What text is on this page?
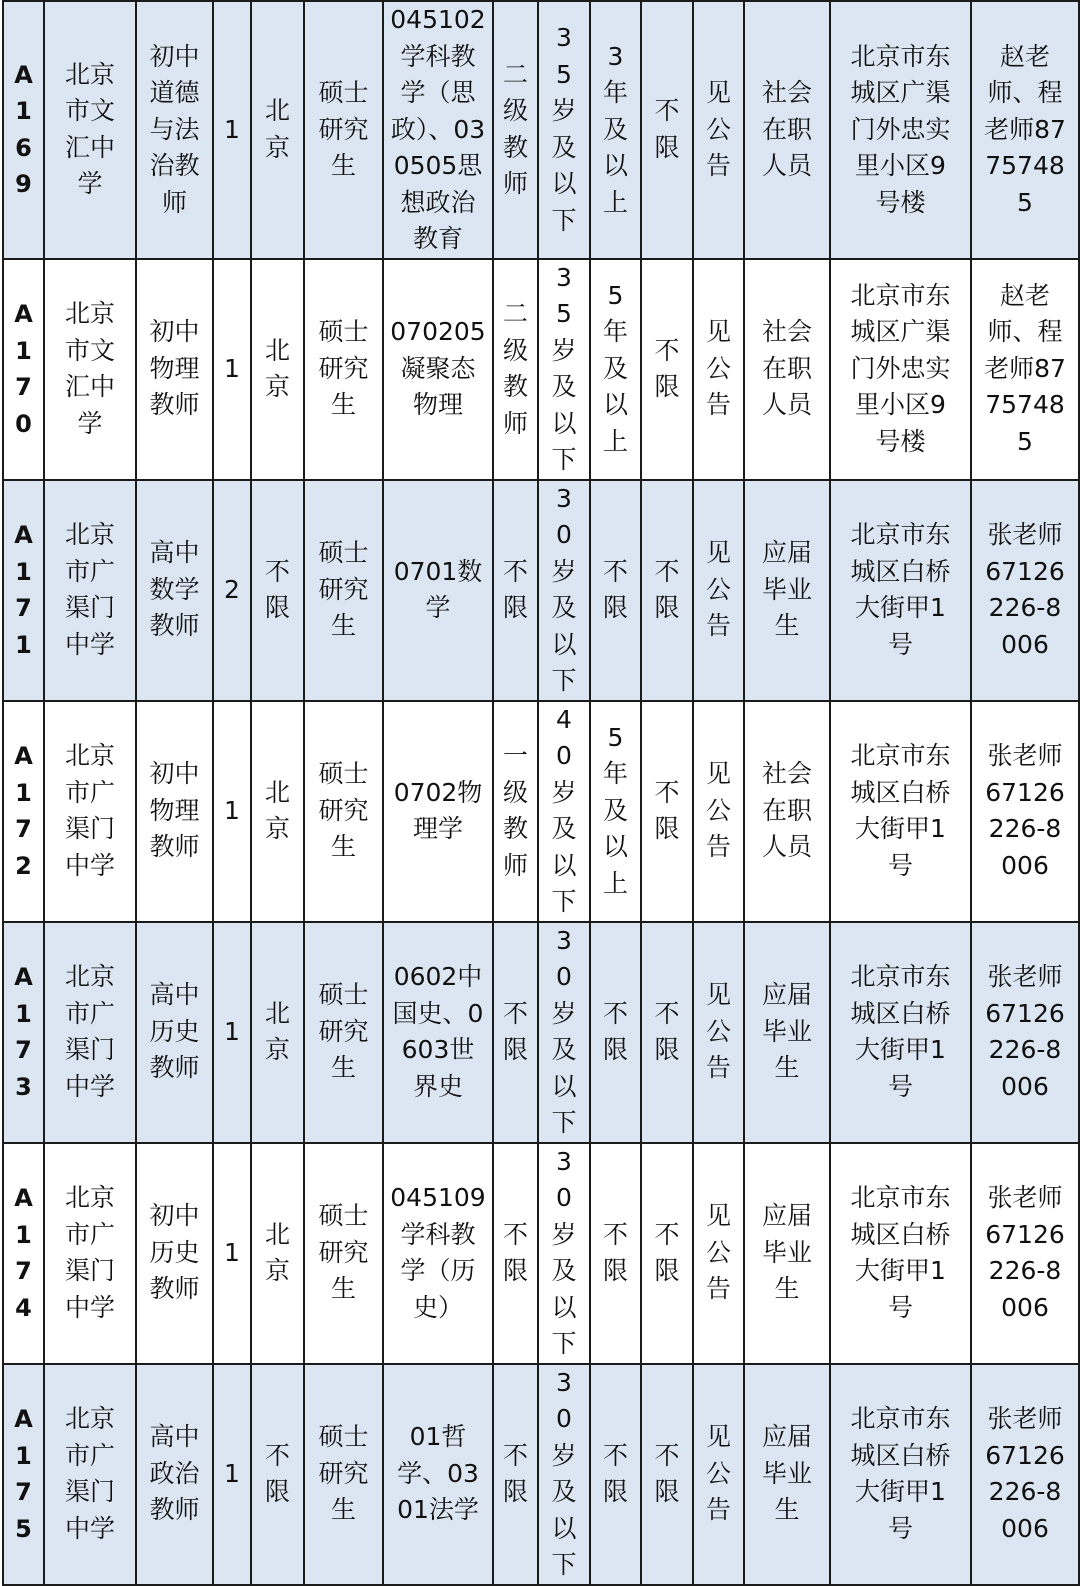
A169	北京市文汇中学	初中道德与法治教师	1	北京	硕士研究生	045102学科教学（思政）、030505思想政治教育	二级教师	35岁及以下	3年及以上	不限	见公告	社会在职人员	北京市东城区广渠门外忠实里小区9号楼	赵老师、程老师87757485

A170	北京市文汇中学	初中物理教师	1	北京	硕士研究生	070205凝聚态物理	二级教师	35岁及以下	5年及以上	不限	见公告	社会在职人员	北京市东城区广渠门外忠实里小区9号楼	赵老师、程老师87757485

A171	北京市广渠门中学	高中数学教师	2	不限	硕士研究生	0701数学	不限	30岁及以下	不限	不限	见公告	应届毕业生	北京市东城区白桥大街甲1号	张老师67126226-8006

A172	北京市广渠门中学	初中物理教师	1	北京	硕士研究生	0702物理学	一级教师	40岁及以下	5年及以上	不限	见公告	社会在职人员	北京市东城区白桥大街甲1号	张老师67126226-8006

A173	北京市广渠门中学	高中历史教师	1	北京	硕士研究生	0602中国史、0603世界史	不限	30岁及以下	不限	不限	见公告	应届毕业生	北京市东城区白桥大街甲1号	张老师67126226-8006

A174	北京市广渠门中学	初中历史教师	1	北京	硕士研究生	045109学科教学（历史）	不限	30岁及以下	不限	不限	见公告	应届毕业生	北京市东城区白桥大街甲1号	张老师67126226-8006

A175	北京市广渠门中学	高中政治教师	1	不限	硕士研究生	01哲学、0301法学	不限	30岁及以下	不限	不限	见公告	应届毕业生	北京市东城区白桥大街甲1号	张老师67126226-8006
